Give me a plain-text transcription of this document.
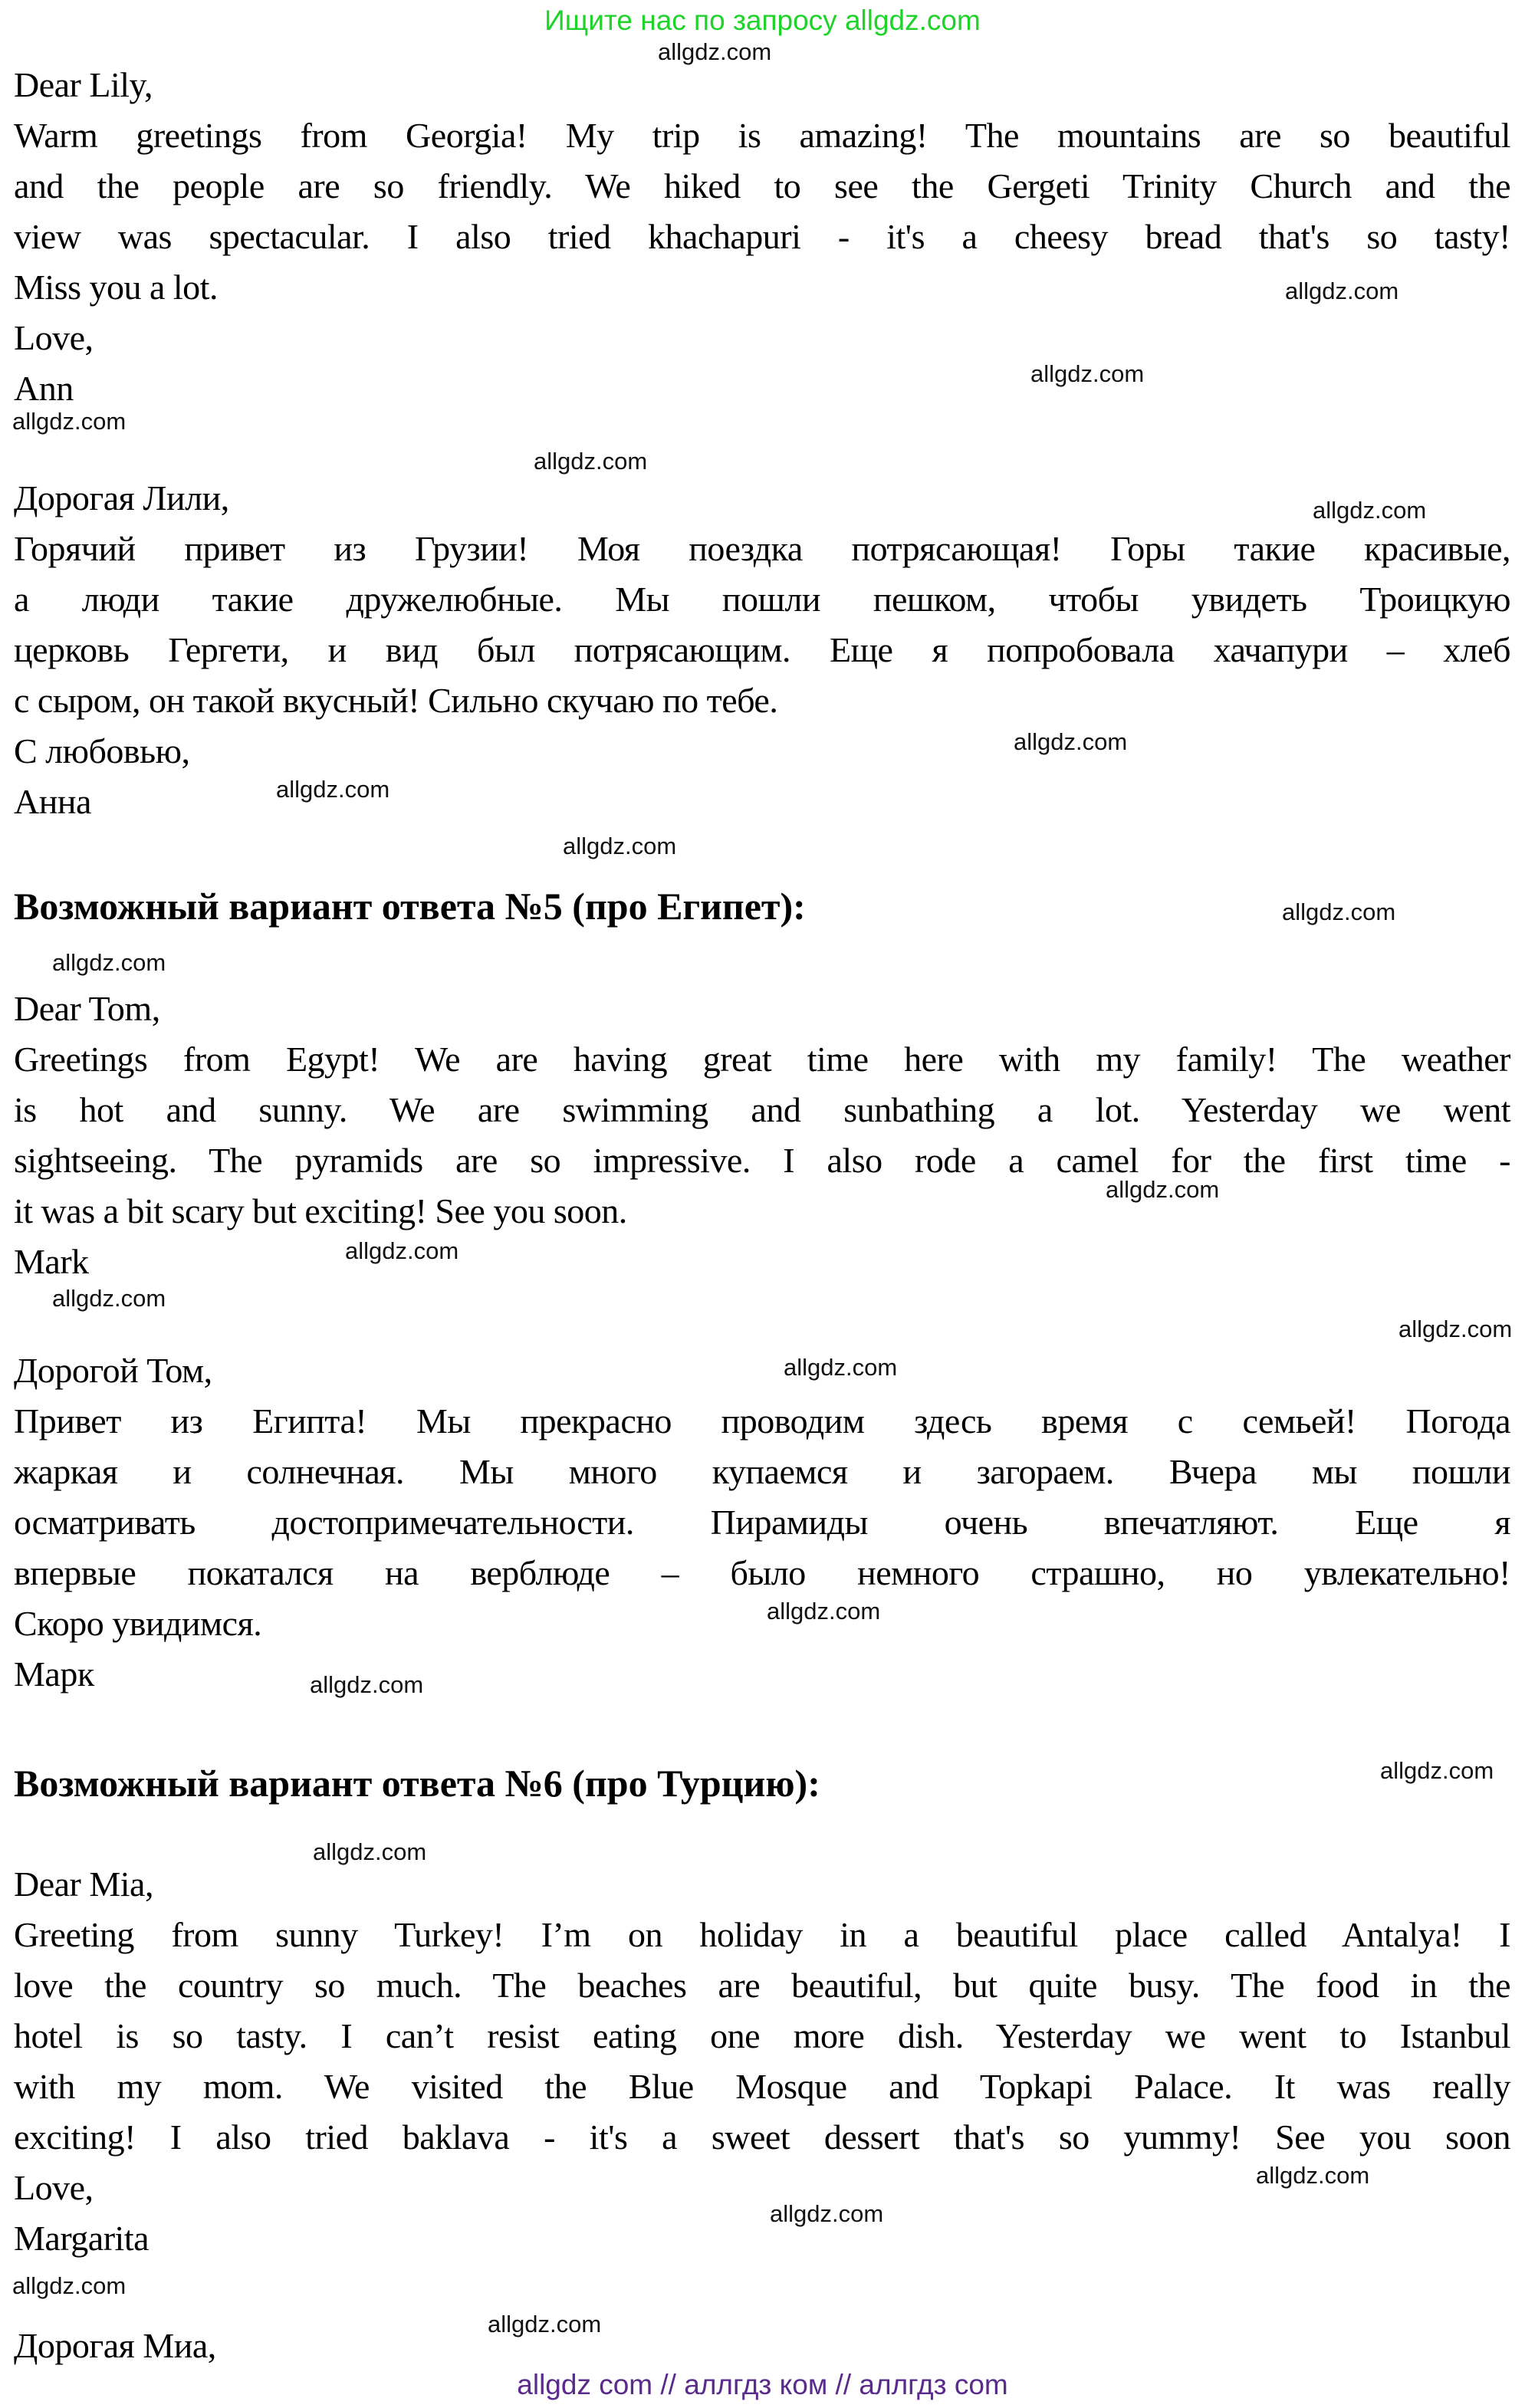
Ищите нас по запросу allgdz.com
allgdz.com
allgdz.com
allgdz.com
allgdz.com
allgdz.com
allgdz.com
allgdz.com
allgdz.com
allgdz.com
allgdz.com
allgdz.com
allgdz.com
allgdz.com
allgdz.com
allgdz.com
allgdz.com
allgdz.com
allgdz.com
allgdz.com
allgdz.com
allgdz.com
allgdz.com
allgdz.com
allgdz.com
Dear Lily,
Warm greetings from Georgia! My trip is amazing! The mountains are so beautiful
and the people are so friendly. We hiked to see the Gergeti Trinity Church and the
view was spectacular. I also tried khachapuri - it's a cheesy bread that's so tasty!
Miss you a lot.
Love,
Ann
Дорогая Лили,
Горячий привет из Грузии! Моя поездка потрясающая! Горы такие красивые,
а люди такие дружелюбные. Мы пошли пешком, чтобы увидеть Троицкую
церковь Гергети, и вид был потрясающим. Еще я попробовала хачапури – хлеб
с сыром, он такой вкусный! Сильно скучаю по тебе.
С любовью,
Анна
Возможный вариант ответа №5 (про Египет):
Dear Tom,
Greetings from Egypt! We are having great time here with my family! The weather
is hot and sunny. We are swimming and sunbathing a lot. Yesterday we went
sightseeing. The pyramids are so impressive. I also rode a camel for the first time -
it was a bit scary but exciting! See you soon.
Mark
Дорогой Том,
Привет из Египта! Мы прекрасно проводим здесь время с семьей! Погода
жаркая и солнечная. Мы много купаемся и загораем. Вчера мы пошли
осматривать достопримечательности. Пирамиды очень впечатляют. Еще я
впервые покатался на верблюде – было немного страшно, но увлекательно!
Скоро увидимся.
Марк
Возможный вариант ответа №6 (про Турцию):
Dear Mia,
Greeting from sunny Turkey! I’m on holiday in a beautiful place called Antalya! I
love the country so much. The beaches are beautiful, but quite busy. The food in the
hotel is so tasty. I can’t resist eating one more dish. Yesterday we went to Istanbul
with my mom. We visited the Blue Mosque and Topkapi Palace. It was really
exciting! I also tried baklava - it's a sweet dessert that's so yummy! See you soon
Love,
Margarita
Дорогая Миа,
allgdz com // аллгдз ком // аллгдз com
